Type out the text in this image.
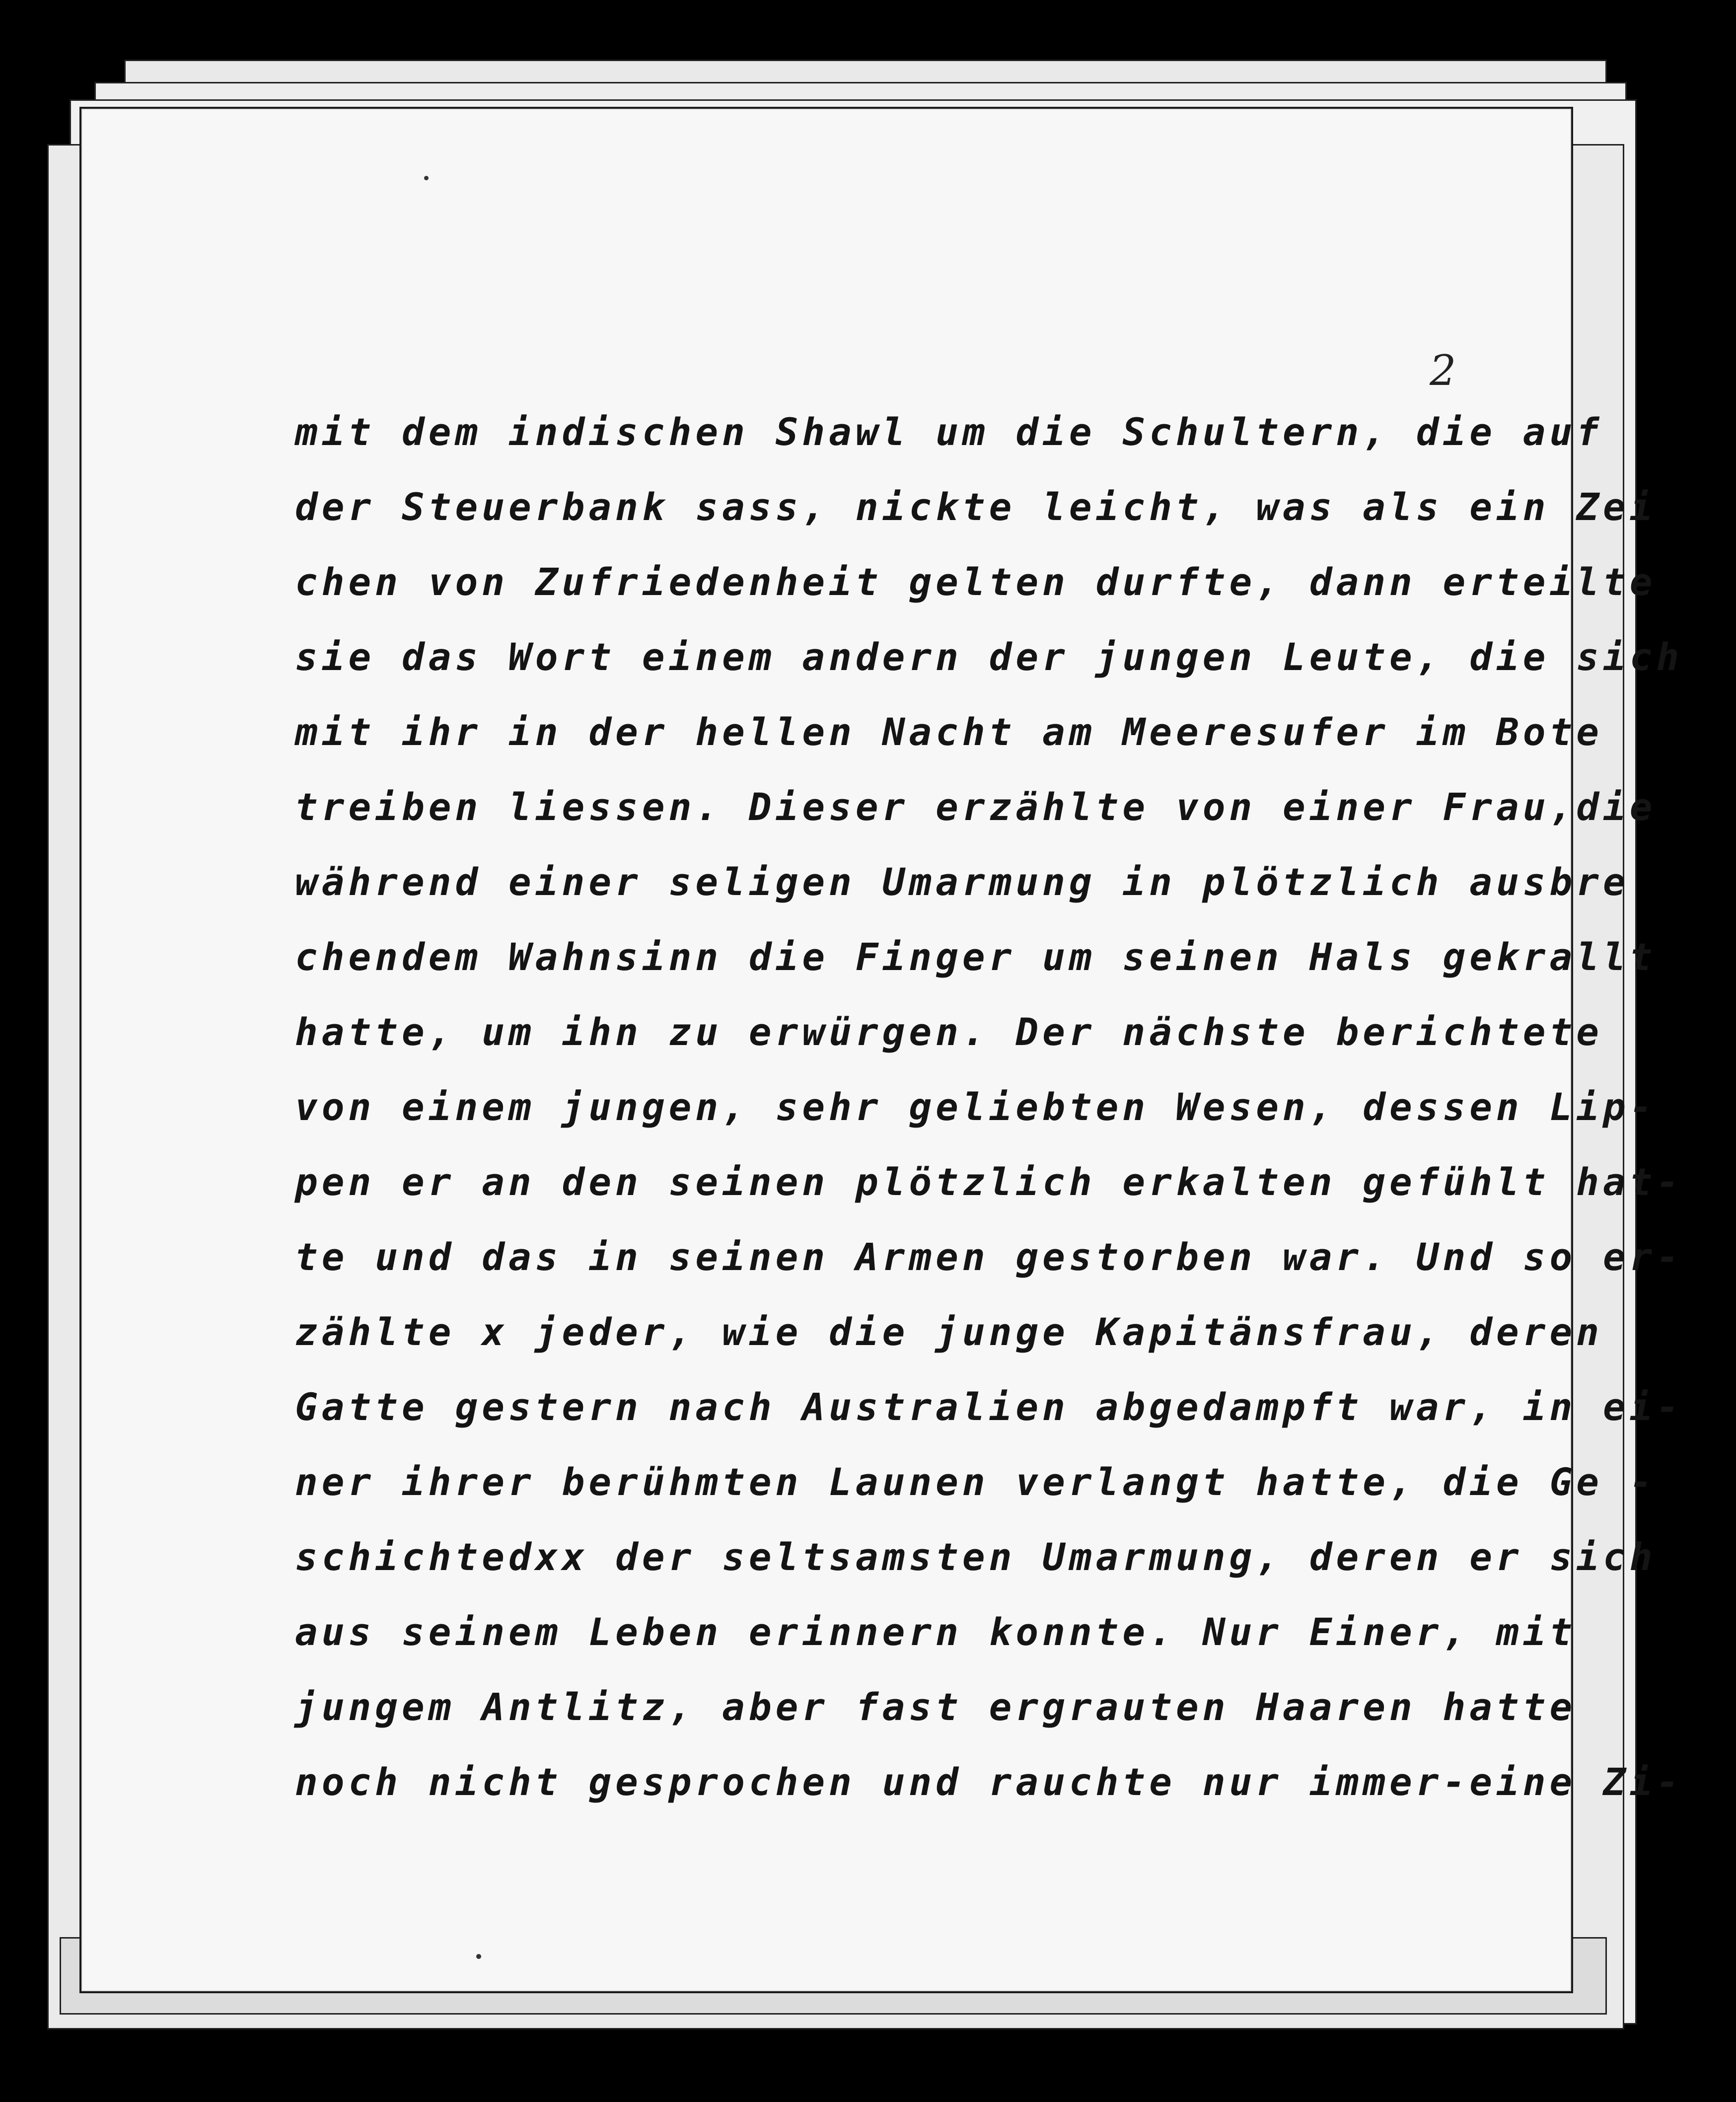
2
mit dem indischen Shawl um die Schultern, die auf
der Steuerbank sass, nickte leicht, was als ein Zei
chen von Zufriedenheit gelten durfte, dann erteilte
sie das Wort einem andern der jungen Leute, die sich
mit ihr in der hellen Nacht am Meeresufer im Bote
treiben liessen. Dieser erzählte von einer Frau,die
während einer seligen Umarmung in plötzlich ausbre
chendem Wahnsinn die Finger um seinen Hals gekrallt
hatte, um ihn zu erwürgen. Der nächste berichtete
von einem jungen, sehr geliebten Wesen, dessen Lip-
pen er an den seinen plötzlich erkalten gefühlt hat-
te und das in seinen Armen gestorben war. Und so er-
zählte x jeder, wie die junge Kapitänsfrau, deren
Gatte gestern nach Australien abgedampft war, in ei-
ner ihrer berühmten Launen verlangt hatte, die Ge -
schichtedxx der seltsamsten Umarmung, deren er sich
aus seinem Leben erinnern konnte. Nur Einer, mit
jungem Antlitz, aber fast ergrauten Haaren hatte
noch nicht gesprochen und rauchte nur immer-eine Zi-
